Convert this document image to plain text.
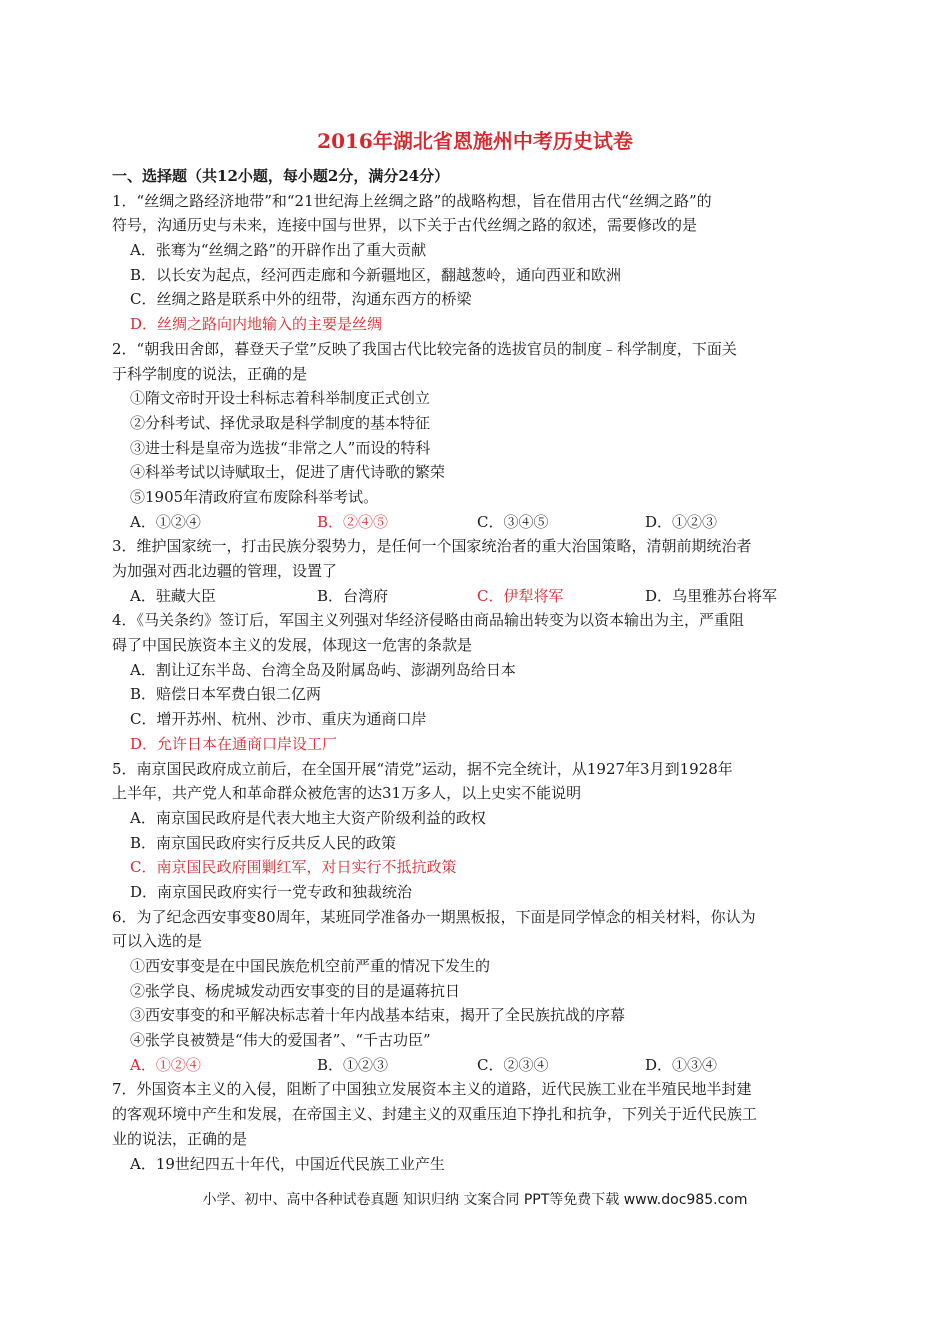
2016年湖北省恩施州中考历史试卷
一、选择题（共12小题，每小题2分，满分24分）
1．“丝绸之路经济地带”和“21世纪海上丝绸之路”的战略构想，旨在借用古代“丝绸之路”的
符号，沟通历史与未来，连接中国与世界，以下关于古代丝绸之路的叙述，需要修改的是
A．张骞为“丝绸之路”的开辟作出了重大贡献
B．以长安为起点，经河西走廊和今新疆地区，翻越葱岭，通向西亚和欧洲
C．丝绸之路是联系中外的纽带，沟通东西方的桥梁
D．丝绸之路向内地输入的主要是丝绸
2．“朝我田舍郎，暮登天子堂”反映了我国古代比较完备的选拔官员的制度﹣科学制度，下面关
于科学制度的说法，正确的是
①隋文帝时开设士科标志着科举制度正式创立
②分科考试、择优录取是科学制度的基本特征
③进士科是皇帝为选拔“非常之人”而设的特科
④科举考试以诗赋取士，促进了唐代诗歌的繁荣
⑤1905年清政府宣布废除科举考试。
A．①②④	B．②④⑤	C．③④⑤	D．①②③
3．维护国家统一，打击民族分裂势力，是任何一个国家统治者的重大治国策略，清朝前期统治者
为加强对西北边疆的管理，设置了
A．驻藏大臣	B．台湾府	C．伊犁将军	D．乌里雅苏台将军
4．《马关条约》签订后，军国主义列强对华经济侵略由商品输出转变为以资本输出为主，严重阻
碍了中国民族资本主义的发展，体现这一危害的条款是
A．割让辽东半岛、台湾全岛及附属岛屿、澎湖列岛给日本
B．赔偿日本军费白银二亿两
C．增开苏州、杭州、沙市、重庆为通商口岸
D．允许日本在通商口岸设工厂
5．南京国民政府成立前后，在全国开展“清党”运动，据不完全统计，从1927年3月到1928年
上半年，共产党人和革命群众被危害的达31万多人，以上史实不能说明
A．南京国民政府是代表大地主大资产阶级利益的政权
B．南京国民政府实行反共反人民的政策
C．南京国民政府围剿红军，对日实行不抵抗政策
D．南京国民政府实行一党专政和独裁统治
6．为了纪念西安事变80周年，某班同学准备办一期黑板报，下面是同学悼念的相关材料，你认为
可以入选的是
①西安事变是在中国民族危机空前严重的情况下发生的
②张学良、杨虎城发动西安事变的目的是逼蒋抗日
③西安事变的和平解决标志着十年内战基本结束，揭开了全民族抗战的序幕
④张学良被赞是“伟大的爱国者”、“千古功臣”
A．①②④	B．①②③	C．②③④	D．①③④
7．外国资本主义的入侵，阻断了中国独立发展资本主义的道路，近代民族工业在半殖民地半封建
的客观环境中产生和发展，在帝国主义、封建主义的双重压迫下挣扎和抗争，下列关于近代民族工
业的说法，正确的是
A．19世纪四五十年代，中国近代民族工业产生
小学、初中、高中各种试卷真题 知识归纳 文案合同 PPT等免费下载 www.doc985.com
